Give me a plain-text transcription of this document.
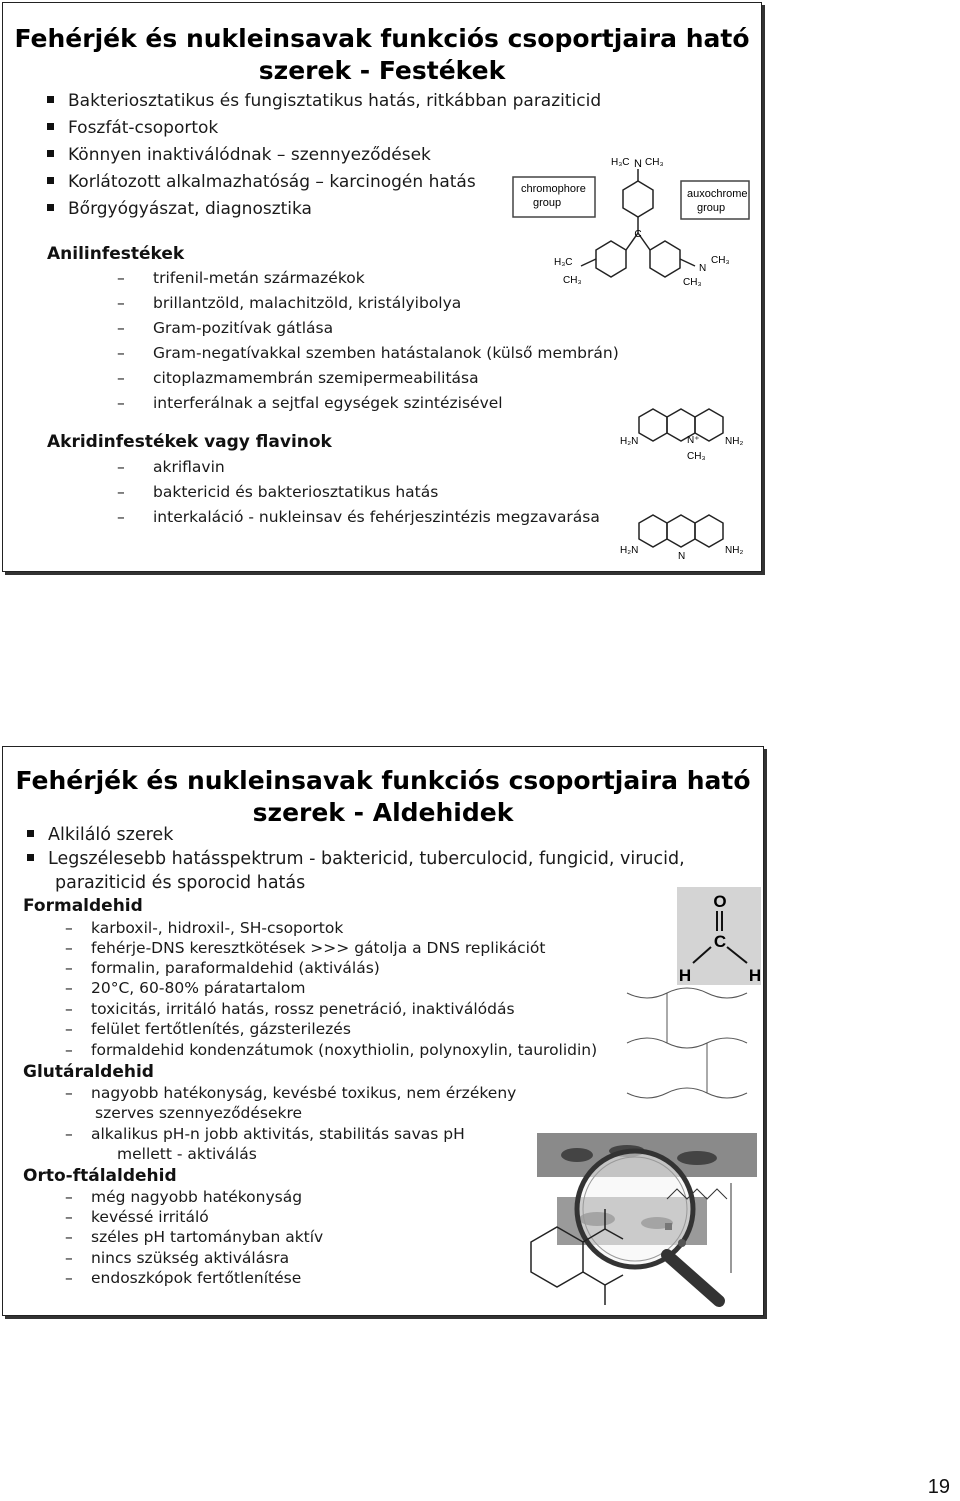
Fehérjék és nukleinsavak funkciós csoportjaira ható
szerek - Festékek
Bakteriosztatikus és fungisztatikus hatás, ritkábban paraziticid
Foszfát-csoportok
Könnyen inaktiválódnak – szennyeződések
Korlátozott alkalmazhatóság – karcinogén hatás
Bőrgyógyászat, diagnosztika
Anilinfestékek
– trifenil-metán származékok
– brillantzöld, malachitzöld, kristályibolya
– Gram-pozitívak gátlása
– Gram-negatívakkal szemben hatástalanok (külső membrán)
– citoplazmamembrán szemipermeabilitása
– interferálnak a sejtfal egységek szintézisével
Akridinfestékek vagy flavinok
– akriflavin
– baktericid és bakteriosztatikus hatás
– interkaláció - nukleinsav és fehérjeszintézis megzavarása
N
H₃C CH₃
C
H₃C
N
CH₃
CH₃
CH₃
chromophore
group
auxochrome
group
H₂N	N⁺	NH₂
CH₃
H₂N
N
NH₂
Fehérjék és nukleinsavak funkciós csoportjaira ható
szerek - Aldehidek
Alkiláló szerek
Legszélesebb hatásspektrum - baktericid, tuberculocid, fungicid, virucid,
paraziticid és sporocid hatás
Formaldehid
– karboxil-, hidroxil-, SH-csoportok
– fehérje-DNS keresztkötések >>> gátolja a DNS replikációt
– formalin, paraformaldehid (aktiválás)
– 20°C, 60-80% páratartalom
– toxicitás, irritáló hatás, rossz penetráció, inaktiválódás
– felület fertőtlenítés, gázsterilezés
– formaldehid kondenzátumok (noxythiolin, polynoxylin, taurolidin)
Glutáraldehid
– nagyobb hatékonyság, kevésbé toxikus, nem érzékeny
szerves szennyeződésekre
– alkalikus pH-n jobb aktivitás, stabilitás savas pH
mellett - aktiválás
Orto-ftálaldehid
– még nagyobb hatékonyság
– kevéssé irritáló
– széles pH tartományban aktív
– nincs szükség aktiválásra
– endoszkópok fertőtlenítése
O
C
H	H
19
